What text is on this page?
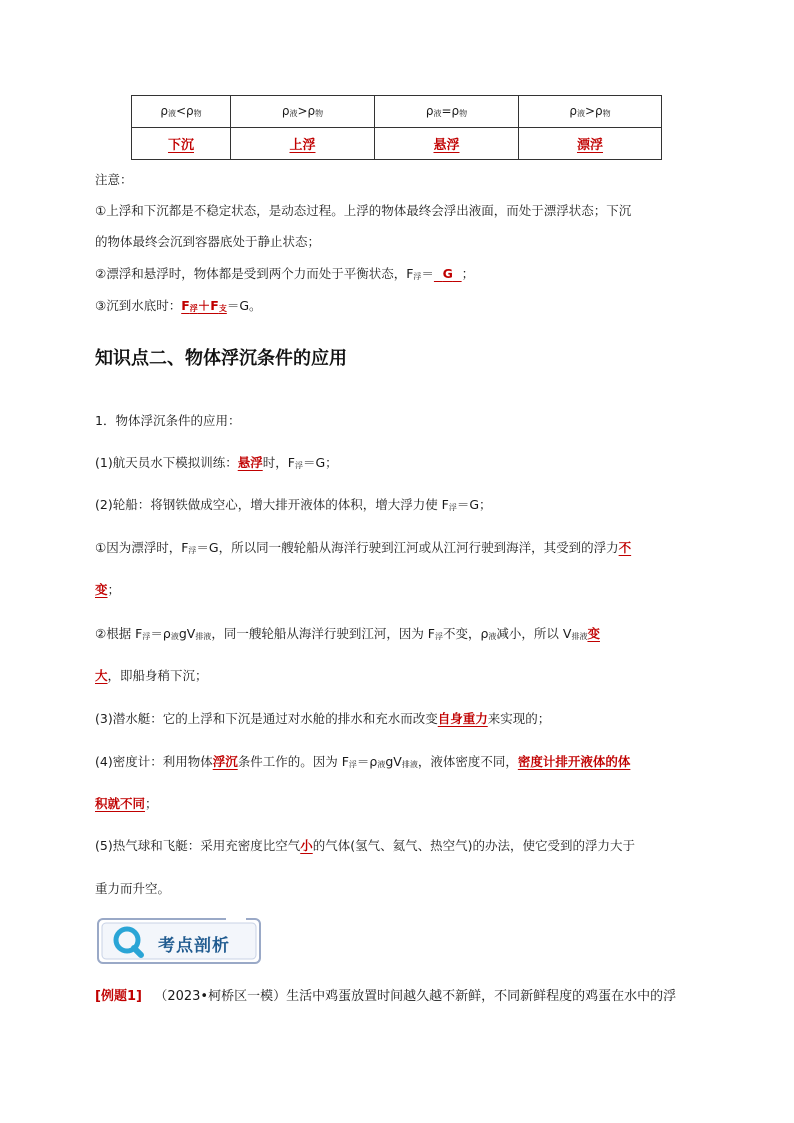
$\rho_液<\rho_物$	$\rho_液>\rho_物$	$\rho_液=\rho_物$	$\rho_液>\rho_物$
下沉	上浮	悬浮	漂浮
注意：
①上浮和下沉都是不稳定状态，是动态过程。上浮的物体最终会浮出液面，而处于漂浮状态；下沉
的物体最终会沉到容器底处于静止状态；
②漂浮和悬浮时，物体都是受到两个力而处于平衡状态，$F_浮= G$ ；
③沉到水底时：$F_浮+F_支=G$。
知识点二、物体浮沉条件的应用
1．物体浮沉条件的应用：
(1)航天员水下模拟训练：悬浮时，$F_浮=G$；
(2)轮船：将钢铁做成空心，增大排开液体的体积，增大浮力使 $F_浮=G$；
①因为漂浮时，$F_浮=G$，所以同一艘轮船从海洋行驶到江河或从江河行驶到海洋，其受到的浮力不
变；
②根据 $F_浮=\rho_液gV_{排液}$，同一艘轮船从海洋行驶到江河，因为 $F_浮$不变，$\rho_液$减小，所以 $V_{排液}$变
大，即船身稍下沉；
(3)潜水艇：它的上浮和下沉是通过对水舱的排水和充水而改变自身重力来实现的；
(4)密度计：利用物体浮沉条件工作的。因为 $F_浮=\rho_液gV_{排液}$，液体密度不同，密度计排开液体的体
积就不同；
(5)热气球和飞艇：采用充密度比空气小的气体(氢气、氦气、热空气)的办法，使它受到的浮力大于
重力而升空。
考点剖析
[例题1] （2023•柯桥区一模）生活中鸡蛋放置时间越久越不新鲜，不同新鲜程度的鸡蛋在水中的浮
